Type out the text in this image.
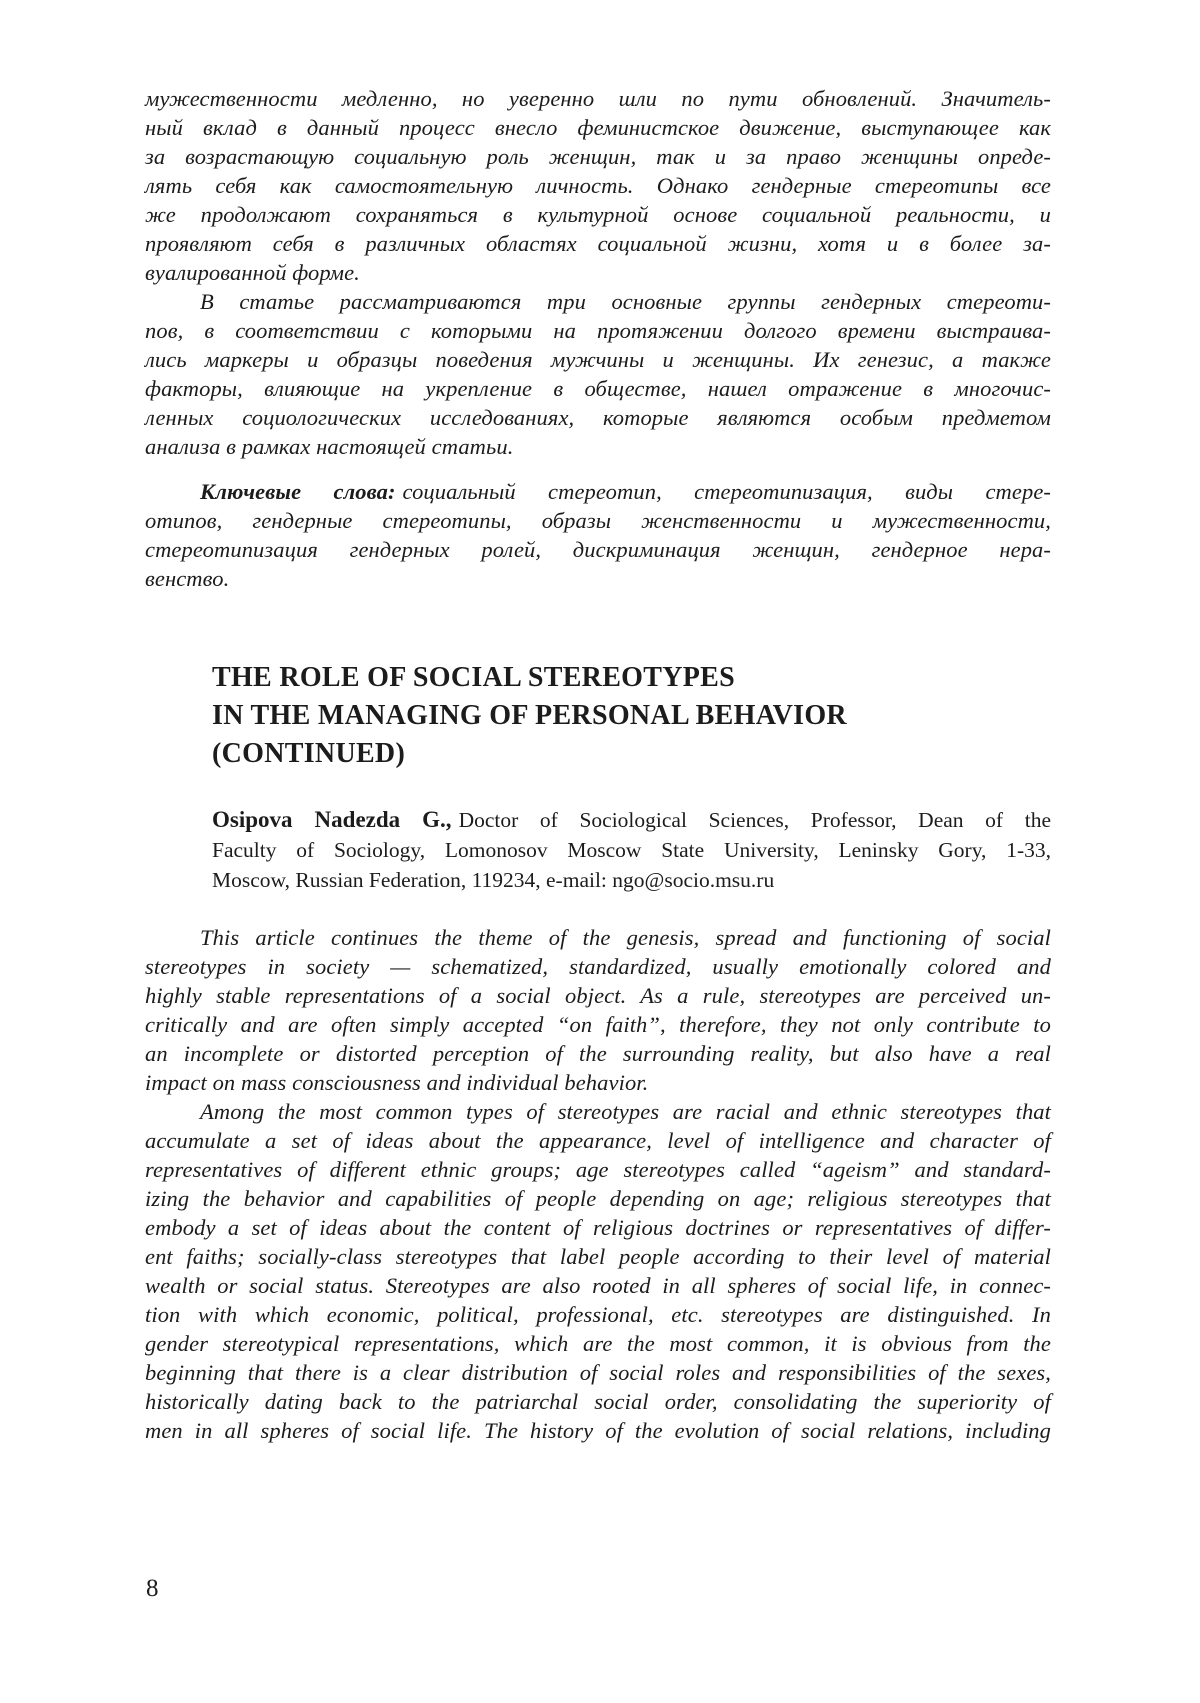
мужественности медленно, но уверенно шли по пути обновлений. Значитель-
ный вклад в данный процесс внесло феминистское движение, выступающее как
за возрастающую социальную роль женщин, так и за право женщины опреде-
лять себя как самостоятельную личность. Однако гендерные стереотипы все
же продолжают сохраняться в культурной основе социальной реальности, и
проявляют себя в различных областях социальной жизни, хотя и в более за-
вуалированной форме.
В статье рассматриваются три основные группы гендерных стереоти-
пов, в соответствии с которыми на протяжении долгого времени выстраива-
лись маркеры и образцы поведения мужчины и женщины. Их генезис, а также
факторы, влияющие на укрепление в обществе, нашел отражение в многочис-
ленных социологических исследованиях, которые являются особым предметом
анализа в рамках настоящей статьи.
Ключевые слова: социальный стереотип, стереотипизация, виды стере-
отипов, гендерные стереотипы, образы женственности и мужественности,
стереотипизация гендерных ролей, дискриминация женщин, гендерное нера-
венство.
THE ROLE OF SOCIAL STEREOTYPES
IN THE MANAGING OF PERSONAL BEHAVIOR
(CONTINUED)
Osipova Nadezda G., Doctor of Sociological Sciences, Professor, Dean of the
Faculty of Sociology, Lomonosov Moscow State University, Leninsky Gory, 1-33,
Moscow, Russian Federation, 119234, e-mail: ngo@socio.msu.ru
This article continues the theme of the genesis, spread and functioning of social
stereotypes in society — schematized, standardized, usually emotionally colored and
highly stable representations of a social object. As a rule, stereotypes are perceived un-
critically and are often simply accepted “on faith”, therefore, they not only contribute to
an incomplete or distorted perception of the surrounding reality, but also have a real
impact on mass consciousness and individual behavior.
Among the most common types of stereotypes are racial and ethnic stereotypes that
accumulate a set of ideas about the appearance, level of intelligence and character of
representatives of different ethnic groups; age stereotypes called “ageism” and standard-
izing the behavior and capabilities of people depending on age; religious stereotypes that
embody a set of ideas about the content of religious doctrines or representatives of differ-
ent faiths; socially-class stereotypes that label people according to their level of material
wealth or social status. Stereotypes are also rooted in all spheres of social life, in connec-
tion with which economic, political, professional, etc. stereotypes are distinguished. In
gender stereotypical representations, which are the most common, it is obvious from the
beginning that there is a clear distribution of social roles and responsibilities of the sexes,
historically dating back to the patriarchal social order, consolidating the superiority of
men in all spheres of social life. The history of the evolution of social relations, including
8
